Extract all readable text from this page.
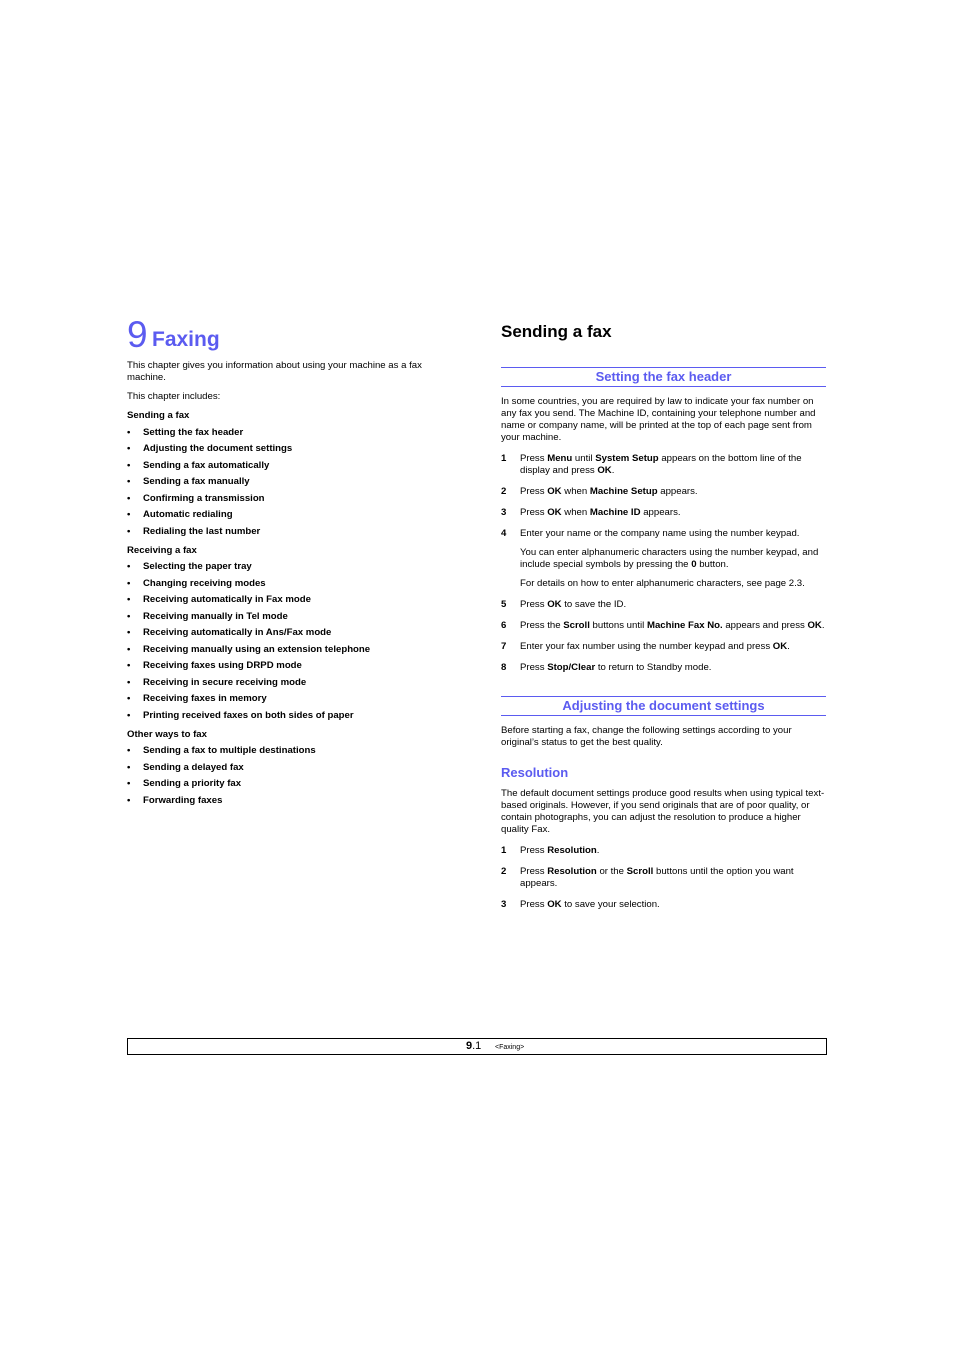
9 Faxing

This chapter gives you information about using your machine as a fax machine.

This chapter includes:

Sending a fax
• Setting the fax header
• Adjusting the document settings
• Sending a fax automatically
• Sending a fax manually
• Confirming a transmission
• Automatic redialing
• Redialing the last number
Receiving a fax
• Selecting the paper tray
• Changing receiving modes
• Receiving automatically in Fax mode
• Receiving manually in Tel mode
• Receiving automatically in Ans/Fax mode
• Receiving manually using an extension telephone
• Receiving faxes using DRPD mode
• Receiving in secure receiving mode
• Receiving faxes in memory
• Printing received faxes on both sides of paper
Other ways to fax
• Sending a fax to multiple destinations
• Sending a delayed fax
• Sending a priority fax
• Forwarding faxes
Sending a fax
Setting the fax header

In some countries, you are required by law to indicate your fax number on any fax you send. The Machine ID, containing your telephone number and name or company name, will be printed at the top of each page sent from your machine.

1 Press Menu until System Setup appears on the bottom line of the display and press OK.

2 Press OK when Machine Setup appears.

3 Press OK when Machine ID appears.

4 Enter your name or the company name using the number keypad.

You can enter alphanumeric characters using the number keypad, and include special symbols by pressing the 0 button.

For details on how to enter alphanumeric characters, see page 2.3.

5 Press OK to save the ID.

6 Press the Scroll buttons until Machine Fax No. appears and press OK.

7 Enter your fax number using the number keypad and press OK.

8 Press Stop/Clear to return to Standby mode.

Adjusting the document settings

Before starting a fax, change the following settings according to your original’s status to get the best quality.

Resolution

The default document settings produce good results when using typical text-based originals. However, if you send originals that are of poor quality, or contain photographs, you can adjust the resolution to produce a higher quality Fax.

1 Press Resolution.

2 Press Resolution or the Scroll buttons until the option you want appears.

3 Press OK to save your selection.

9.1 <Faxing>
